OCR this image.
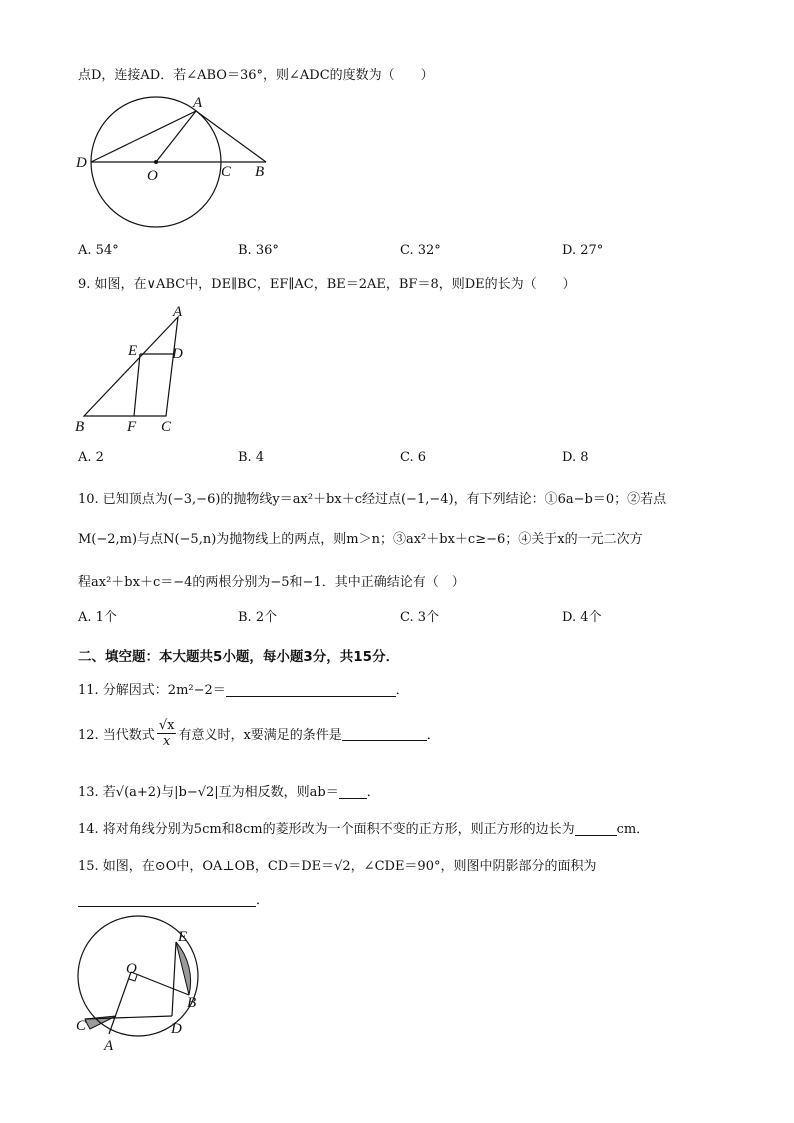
点D，连接AD．若∠ABO＝36°，则∠ADC的度数为（　　）
A
D
O	C B
A. 54°	B. 36°	C. 32°	D. 27°
9. 如图，在∨ABC中，DE∥BC，EF∥AC，BE＝2AE，BF＝8，则DE的长为（　　）
A
E D
B	F C
A. 2	B. 4	C. 6	D. 8
10. 已知顶点为(−3,−6)的抛物线y＝ax²＋bx＋c经过点(−1,−4)，有下列结论：①6a−b＝0；②若点
M(−2,m)与点N(−5,n)为抛物线上的两点，则m＞n；③ax²＋bx＋c≥−6；④关于x的一元二次方
程ax²＋bx＋c＝−4的两根分别为−5和−1．其中正确结论有（　）
A. 1个	B. 2个	C. 3个	D. 4个
二、填空题：本大题共5小题，每小题3分，共15分．
11. 分解因式：2m²−2＝	．
12. 当代数式 $\frac{√x}{x}$ 有意义时，x要满足的条件是	．
13. 若√(a+2)与|b−√2|互为相反数，则ab＝ ．
14. 将对角线分别为5cm和8cm的菱形改为一个面积不变的正方形，则正方形的边长为	cm．
15. 如图，在⊙O中，OA⊥OB，CD＝DE＝√2，∠CDE＝90°，则图中阴影部分的面积为
．
E
O
B
C	D
A
